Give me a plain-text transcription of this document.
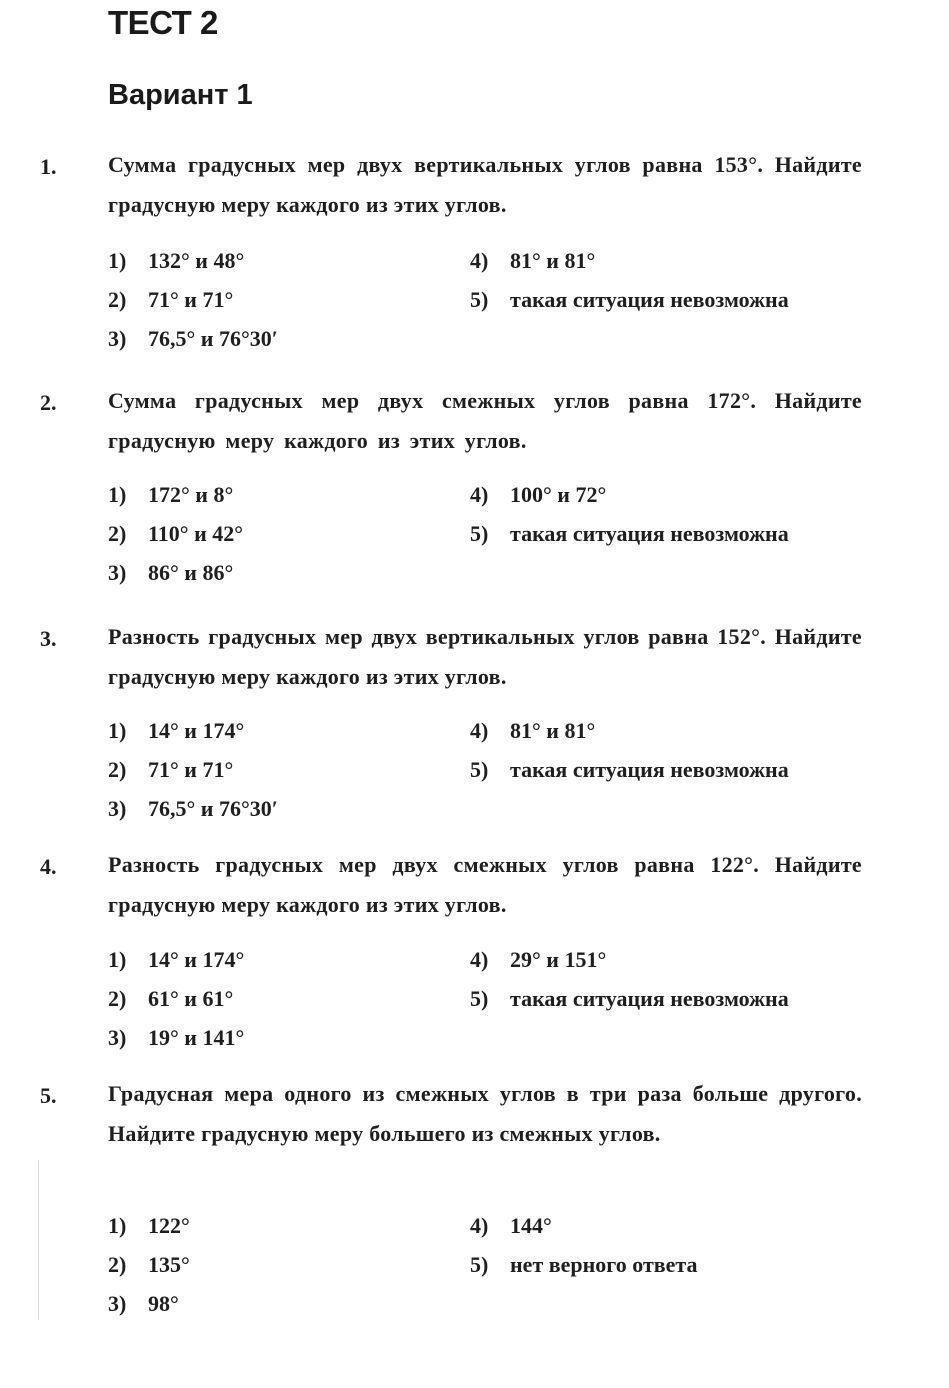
ТЕСТ 2
Вариант 1
1. Сумма градусных мер двух вертикальных углов равна 153°. Найдите градусную меру каждого из этих углов.
1) 132° и 48°
2) 71° и 71°
3) 76,5° и 76°30′
4) 81° и 81°
5) такая ситуация невозможна
2. Сумма градусных мер двух смежных углов равна 172°. Найдите градусную меру каждого из этих углов.
1) 172° и 8°
2) 110° и 42°
3) 86° и 86°
4) 100° и 72°
5) такая ситуация невозможна
3. Разность градусных мер двух вертикальных углов равна 152°. Найдите градусную меру каждого из этих углов.
1) 14° и 174°
2) 71° и 71°
3) 76,5° и 76°30′
4) 81° и 81°
5) такая ситуация невозможна
4. Разность градусных мер двух смежных углов равна 122°. Найдите градусную меру каждого из этих углов.
1) 14° и 174°
2) 61° и 61°
3) 19° и 141°
4) 29° и 151°
5) такая ситуация невозможна
5. Градусная мера одного из смежных углов в три раза больше другого. Найдите градусную меру большего из смежных углов.
1) 122°
2) 135°
3) 98°
4) 144°
5) нет верного ответа
